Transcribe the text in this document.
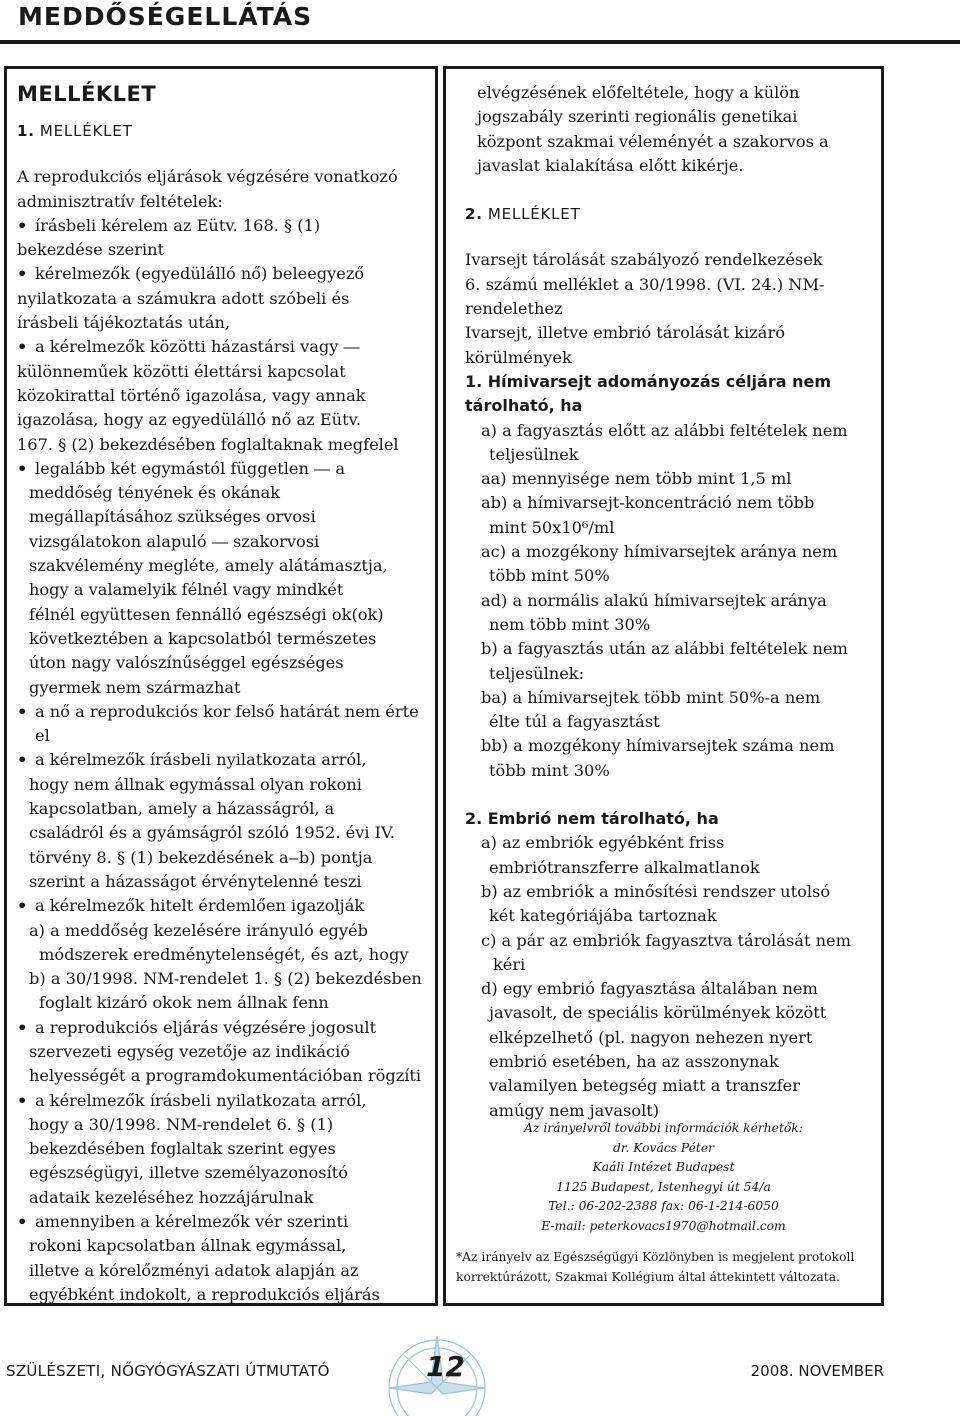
MEDDŐSÉGELLÁTÁS
MELLÉKLET
1. MELLÉKLET
A reprodukciós eljárások végzésére vonatkozó
adminisztratív feltételek:
• írásbeli kérelem az Eütv. 168. § (1)
bekezdése szerint
• kérelmezők (egyedülálló nő) beleegyező
nyilatkozata a számukra adott szóbeli és
írásbeli tájékoztatás után,
• a kérelmezők közötti házastársi vagy ―
különneműek közötti élettársi kapcsolat
közokirattal történő igazolása, vagy annak
igazolása, hogy az egyedülálló nő az Eütv.
167. § (2) bekezdésében foglaltaknak megfelel
• legalább két egymástól független ― a
meddőség tényének és okának
megállapításához szükséges orvosi
vizsgálatokon alapuló ― szakorvosi
szakvélemény megléte, amely alátámasztja,
hogy a valamelyik félnél vagy mindkét
félnél együttesen fennálló egészségi ok(ok)
következtében a kapcsolatból természetes
úton nagy valószínűséggel egészséges
gyermek nem származhat
• a nő a reprodukciós kor felső határát nem érte el
• a kérelmezők írásbeli nyilatkozata arról,
hogy nem állnak egymással olyan rokoni
kapcsolatban, amely a házasságról, a
családról és a gyámságról szóló 1952. évi IV.
törvény 8. § (1) bekezdésének a‒b) pontja
szerint a házasságot érvénytelenné teszi
• a kérelmezők hitelt érdemlően igazolják
a) a meddőség kezelésére irányuló egyéb
módszerek eredménytelenségét, és azt, hogy
b) a 30/1998. NM-rendelet 1. § (2) bekezdésben
foglalt kizáró okok nem állnak fenn
• a reprodukciós eljárás végzésére jogosult
szervezeti egység vezetője az indikáció
helyességét a programdokumentációban rögzíti
• a kérelmezők írásbeli nyilatkozata arról,
hogy a 30/1998. NM-rendelet 6. § (1)
bekezdésében foglaltak szerint egyes
egészségügyi, illetve személyazonosító
adataik kezeléséhez hozzájárulnak
• amennyiben a kérelmezők vér szerinti
rokoni kapcsolatban állnak egymással,
illetve a kórelőzményi adatok alapján az
egyébként indokolt, a reprodukciós eljárás
elvégzésének előfeltétele, hogy a külön
jogszabály szerinti regionális genetikai
központ szakmai véleményét a szakorvos a
javaslat kialakítása előtt kikérje.
2. MELLÉKLET
Ivarsejt tárolását szabályozó rendelkezések
6. számú melléklet a 30/1998. (VI. 24.) NM-
rendelethez
Ivarsejt, illetve embrió tárolását kizáró
körülmények
1. Hímivarsejt adományozás céljára nem
tárolható, ha
a) a fagyasztás előtt az alábbi feltételek nem
teljesülnek
aa) mennyisége nem több mint 1,5 ml
ab) a hímivarsejt-koncentráció nem több
mint 50x10⁶/ml
ac) a mozgékony hímivarsejtek aránya nem
több mint 50%
ad) a normális alakú hímivarsejtek aránya
nem több mint 30%
b) a fagyasztás után az alábbi feltételek nem
teljesülnek:
ba) a hímivarsejtek több mint 50%-a nem
élte túl a fagyasztást
bb) a mozgékony hímivarsejtek száma nem
több mint 30%
2. Embrió nem tárolható, ha
a) az embriók egyébként friss
embriótranszferre alkalmatlanok
b) az embriók a minősítési rendszer utolsó
két kategóriájába tartoznak
c) a pár az embriók fagyasztva tárolását nem kéri
d) egy embrió fagyasztása általában nem
javasolt, de speciális körülmények között
elképzelhető (pl. nagyon nehezen nyert
embrió esetében, ha az asszonynak
valamilyen betegség miatt a transzfer
amúgy nem javasolt)
Az irányelvről további információk kérhetők:
dr. Kovács Péter
Kaáli Intézet Budapest
1125 Budapest, Istenhegyi út 54/a
Tel.: 06-202-2388 fax: 06-1-214-6050
E-mail: peterkovacs1970@hotmail.com
*Az irányelv az Egészségügyi Közlönyben is megjelent protokoll
korrektúrázott, Szakmai Kollégium által áttekintett változata.
SZÜLÉSZETI, NŐGYÓGYÁSZATI ÚTMUTATÓ	12	2008. NOVEMBER
